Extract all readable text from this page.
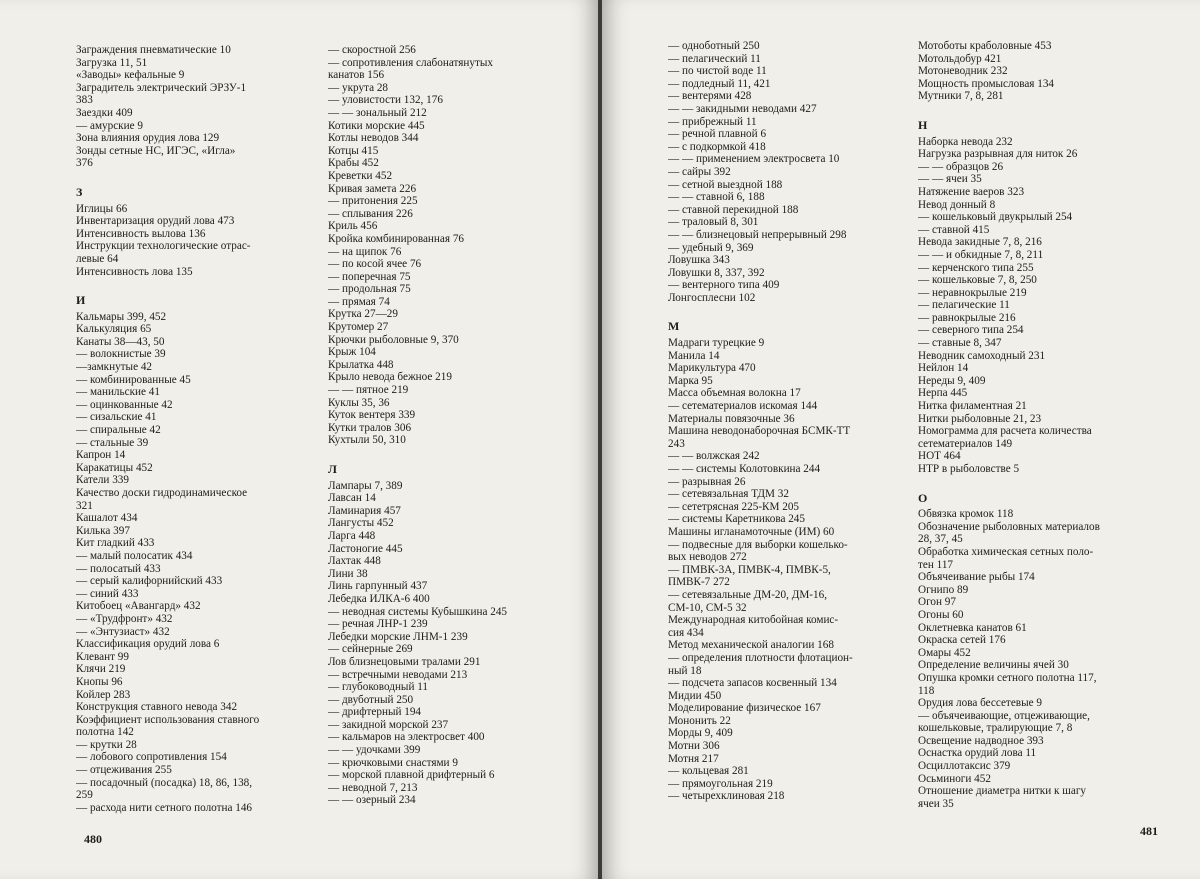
Заграждения пневматические 10
Загрузка 11, 51
«Заводы» кефальные 9
Заградитель электрический ЭРЗУ-1
383
Заездки 409
— амурские 9
Зона влияния орудия лова 129
Зонды сетные НС, ИГЭС, «Игла»
376
З
Иглицы 66
Инвентаризация орудий лова 473
Интенсивность вылова 136
Инструкции технологические отрас-
левые 64
Интенсивность лова 135
И
Кальмары 399, 452
Калькуляция 65
Канаты 38—43, 50
— волокнистые 39
—замкнутые 42
— комбинированные 45
— манильские 41
— оцинкованные 42
— сизальские 41
— спиральные 42
— стальные 39
Капрон 14
Каракатицы 452
Катели 339
Качество доски гидродинамическое
321
Кашалот 434
Килька 397
Кит гладкий 433
— малый полосатик 434
— полосатый 433
— серый калифорнийский 433
— синий 433
Китобоец «Авангард» 432
— «Трудфронт» 432
— «Энтузиаст» 432
Классификация орудий лова 6
Клевант 99
Клячи 219
Кнопы 96
Койлер 283
Конструкция ставного невода 342
Коэффициент использования ставного
полотна 142
— крутки 28
— лобового сопротивления 154
— отцеживания 255
— посадочный (посадка) 18, 86, 138,
259
— расхода нити сетного полотна 146
— скоростной 256
— сопротивления слабонатянутых
канатов 156
— укрута 28
— уловистости 132, 176
— — зональный 212
Котики морские 445
Котлы неводов 344
Котцы 415
Крабы 452
Креветки 452
Кривая замета 226
— притонения 225
— сплывания 226
Криль 456
Кройка комбинированная 76
— на щипок 76
— по косой ячее 76
— поперечная 75
— продольная 75
— прямая 74
Крутка 27—29
Крутомер 27
Крючки рыболовные 9, 370
Крыж 104
Крылатка 448
Крыло невода бежное 219
— — пятное 219
Куклы 35, 36
Куток вентеря 339
Кутки тралов 306
Кухтыли 50, 310
Л
Лампары 7, 389
Лавсан 14
Ламинария 457
Лангусты 452
Ларга 448
Ластоногие 445
Лахтак 448
Лини 38
Линь гарпунный 437
Лебедка ИЛКА-6 400
— неводная системы Кубышкина 245
— речная ЛНР-1 239
Лебедки морские ЛНМ-1 239
— сейнерные 269
Лов близнецовыми тралами 291
— встречными неводами 213
— глубоководный 11
— двуботный 250
— дрифтерный 194
— закидной морской 237
— кальмаров на электросвет 400
— — удочками 399
— крючковыми снастями 9
— морской плавной дрифтерный 6
— неводной 7, 213
— — озерный 234
480
— одноботный 250
— пелагический 11
— по чистой воде 11
— подледный 11, 421
— вентерями 428
— — закидными неводами 427
— прибрежный 11
— речной плавной 6
— с подкормкой 418
— — применением электросвета 10
— сайры 392
— сетной выездной 188
— — ставной 6, 188
— ставной перекидной 188
— траловый 8, 301
— — близнецовый непрерывный 298
— удебный 9, 369
Ловушка 343
Ловушки 8, 337, 392
— вентерного типа 409
Лонгосплесни 102
М
Мадраги турецкие 9
Манила 14
Марикультура 470
Марка 95
Масса объемная волокна 17
— сетематериалов искомая 144
Материалы повязочные 36
Машина неводонаборочная БСМК-ТТ
243
— — волжская 242
— — системы Колотовкина 244
— разрывная 26
— сетевязальная ТДМ 32
— сететрясная 225-КМ 205
— системы Каретникова 245
Машины игланамоточные (ИМ) 60
— подвесные для выборки кошелько-
вых неводов 272
— ПМВК-3А, ПМВК-4, ПМВК-5,
ПМВК-7 272
— сетевязальные ДМ-20, ДМ-16,
СМ-10, СМ-5 32
Международная китобойная комис-
сия 434
Метод механической аналогии 168
— определения плотности флотацион-
ный 18
— подсчета запасов косвенный 134
Мидии 450
Моделирование физическое 167
Мононить 22
Морды 9, 409
Мотни 306
Мотня 217
— кольцевая 281
— прямоугольная 219
— четырехклиновая 218
Мотоботы краболовные 453
Мотольдобур 421
Мотоневодник 232
Мощность промысловая 134
Мутники 7, 8, 281
Н
Наборка невода 232
Нагрузка разрывная для ниток 26
— — образцов 26
— — ячеи 35
Натяжение ваеров 323
Невод донный 8
— кошельковый двукрылый 254
— ставной 415
Невода закидные 7, 8, 216
— — и обкидные 7, 8, 211
— керченского типа 255
— кошельковые 7, 8, 250
— неравнокрылые 219
— пелагические 11
— равнокрылые 216
— северного типа 254
— ставные 8, 347
Неводник самоходный 231
Нейлон 14
Нереды 9, 409
Нерпа 445
Нитка филаментная 21
Нитки рыболовные 21, 23
Номограмма для расчета количества
сетематериалов 149
НОТ 464
НТР в рыболовстве 5
О
Обвязка кромок 118
Обозначение рыболовных материалов
28, 37, 45
Обработка химическая сетных поло-
тен 117
Объячеивание рыбы 174
Огнипо 89
Огон 97
Огоны 60
Оклетневка канатов 61
Окраска сетей 176
Омары 452
Определение величины ячей 30
Опушка кромки сетного полотна 117,
118
Орудия лова бессетевые 9
— объячеивающие, отцеживающие,
кошельковые, тралирующие 7, 8
Освещение надводное 393
Оснастка орудий лова 11
Осциллотаксис 379
Осьминоги 452
Отношение диаметра нитки к шагу
ячеи 35
481
